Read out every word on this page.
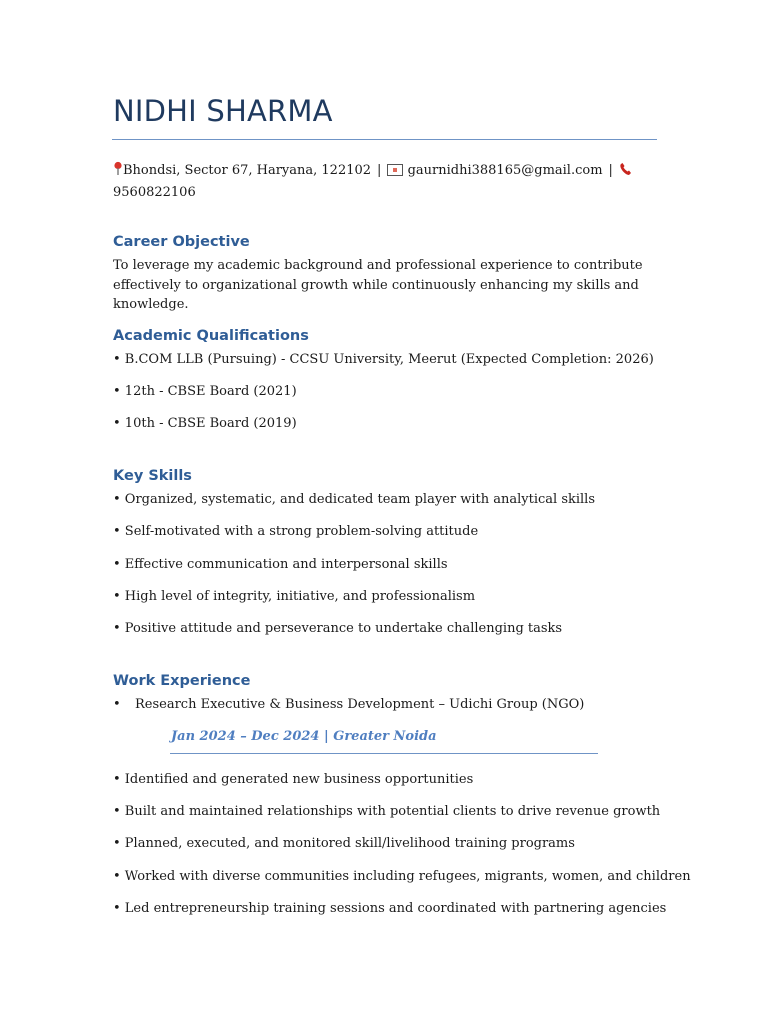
NIDHI SHARMA
Bhondsi, Sector 67, Haryana, 122102 | gaurnidhi388165@gmail.com |
9560822106
Career Objective
To leverage my academic background and professional experience to contribute effectively to organizational growth while continuously enhancing my skills and knowledge.
Academic Qualifications
• B.COM LLB (Pursuing) - CCSU University, Meerut (Expected Completion: 2026)
• 12th - CBSE Board (2021)
• 10th - CBSE Board (2019)
Key Skills
• Organized, systematic, and dedicated team player with analytical skills
• Self-motivated with a strong problem-solving attitude
• Effective communication and interpersonal skills
• High level of integrity, initiative, and professionalism
• Positive attitude and perseverance to undertake challenging tasks
Work Experience
• Research Executive & Business Development – Udichi Group (NGO)
Jan 2024 – Dec 2024 | Greater Noida
• Identified and generated new business opportunities
• Built and maintained relationships with potential clients to drive revenue growth
• Planned, executed, and monitored skill/livelihood training programs
• Worked with diverse communities including refugees, migrants, women, and children
• Led entrepreneurship training sessions and coordinated with partnering agencies
